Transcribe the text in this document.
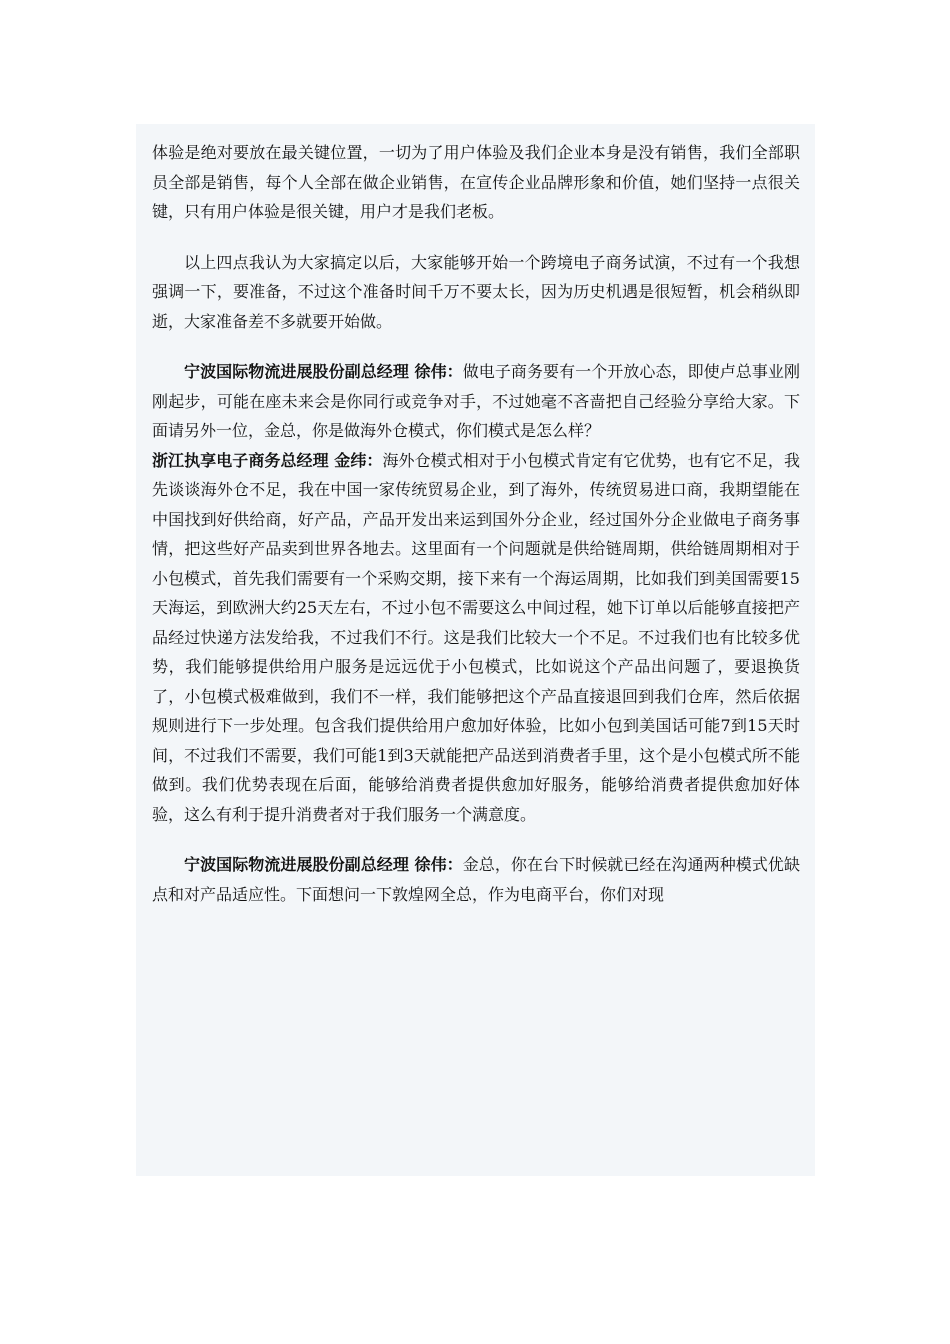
体验是绝对要放在最关键位置，一切为了用户体验及我们企业本身是没有销售，我们全部职员全部是销售，每个人全部在做企业销售，在宣传企业品牌形象和价值，她们坚持一点很关键，只有用户体验是很关键，用户才是我们老板。

以上四点我认为大家搞定以后，大家能够开始一个跨境电子商务试演，不过有一个我想强调一下，要准备，不过这个准备时间千万不要太长，因为历史机遇是很短暂，机会稍纵即逝，大家准备差不多就要开始做。

宁波国际物流进展股份副总经理 徐伟：做电子商务要有一个开放心态，即使卢总事业刚刚起步，可能在座未来会是你同行或竞争对手，不过她毫不吝啬把自己经验分享给大家。下面请另外一位，金总，你是做海外仓模式，你们模式是怎么样？

浙江执享电子商务总经理 金纬：海外仓模式相对于小包模式肯定有它优势，也有它不足，我先谈谈海外仓不足，我在中国一家传统贸易企业，到了海外，传统贸易进口商，我期望能在中国找到好供给商，好产品，产品开发出来运到国外分企业，经过国外分企业做电子商务事情，把这些好产品卖到世界各地去。这里面有一个问题就是供给链周期，供给链周期相对于小包模式，首先我们需要有一个采购交期，接下来有一个海运周期，比如我们到美国需要15天海运，到欧洲大约25天左右，不过小包不需要这么中间过程，她下订单以后能够直接把产品经过快递方法发给我，不过我们不行。这是我们比较大一个不足。不过我们也有比较多优势，我们能够提供给用户服务是远远优于小包模式，比如说这个产品出问题了，要退换货了，小包模式极难做到，我们不一样，我们能够把这个产品直接退回到我们仓库，然后依据规则进行下一步处理。包含我们提供给用户愈加好体验，比如小包到美国话可能7到15天时间，不过我们不需要，我们可能1到3天就能把产品送到消费者手里，这个是小包模式所不能做到。我们优势表现在后面，能够给消费者提供愈加好服务，能够给消费者提供愈加好体验，这么有利于提升消费者对于我们服务一个满意度。

宁波国际物流进展股份副总经理 徐伟：金总，你在台下时候就已经在沟通两种模式优缺点和对产品适应性。下面想问一下敦煌网全总，作为电商平台，你们对现
